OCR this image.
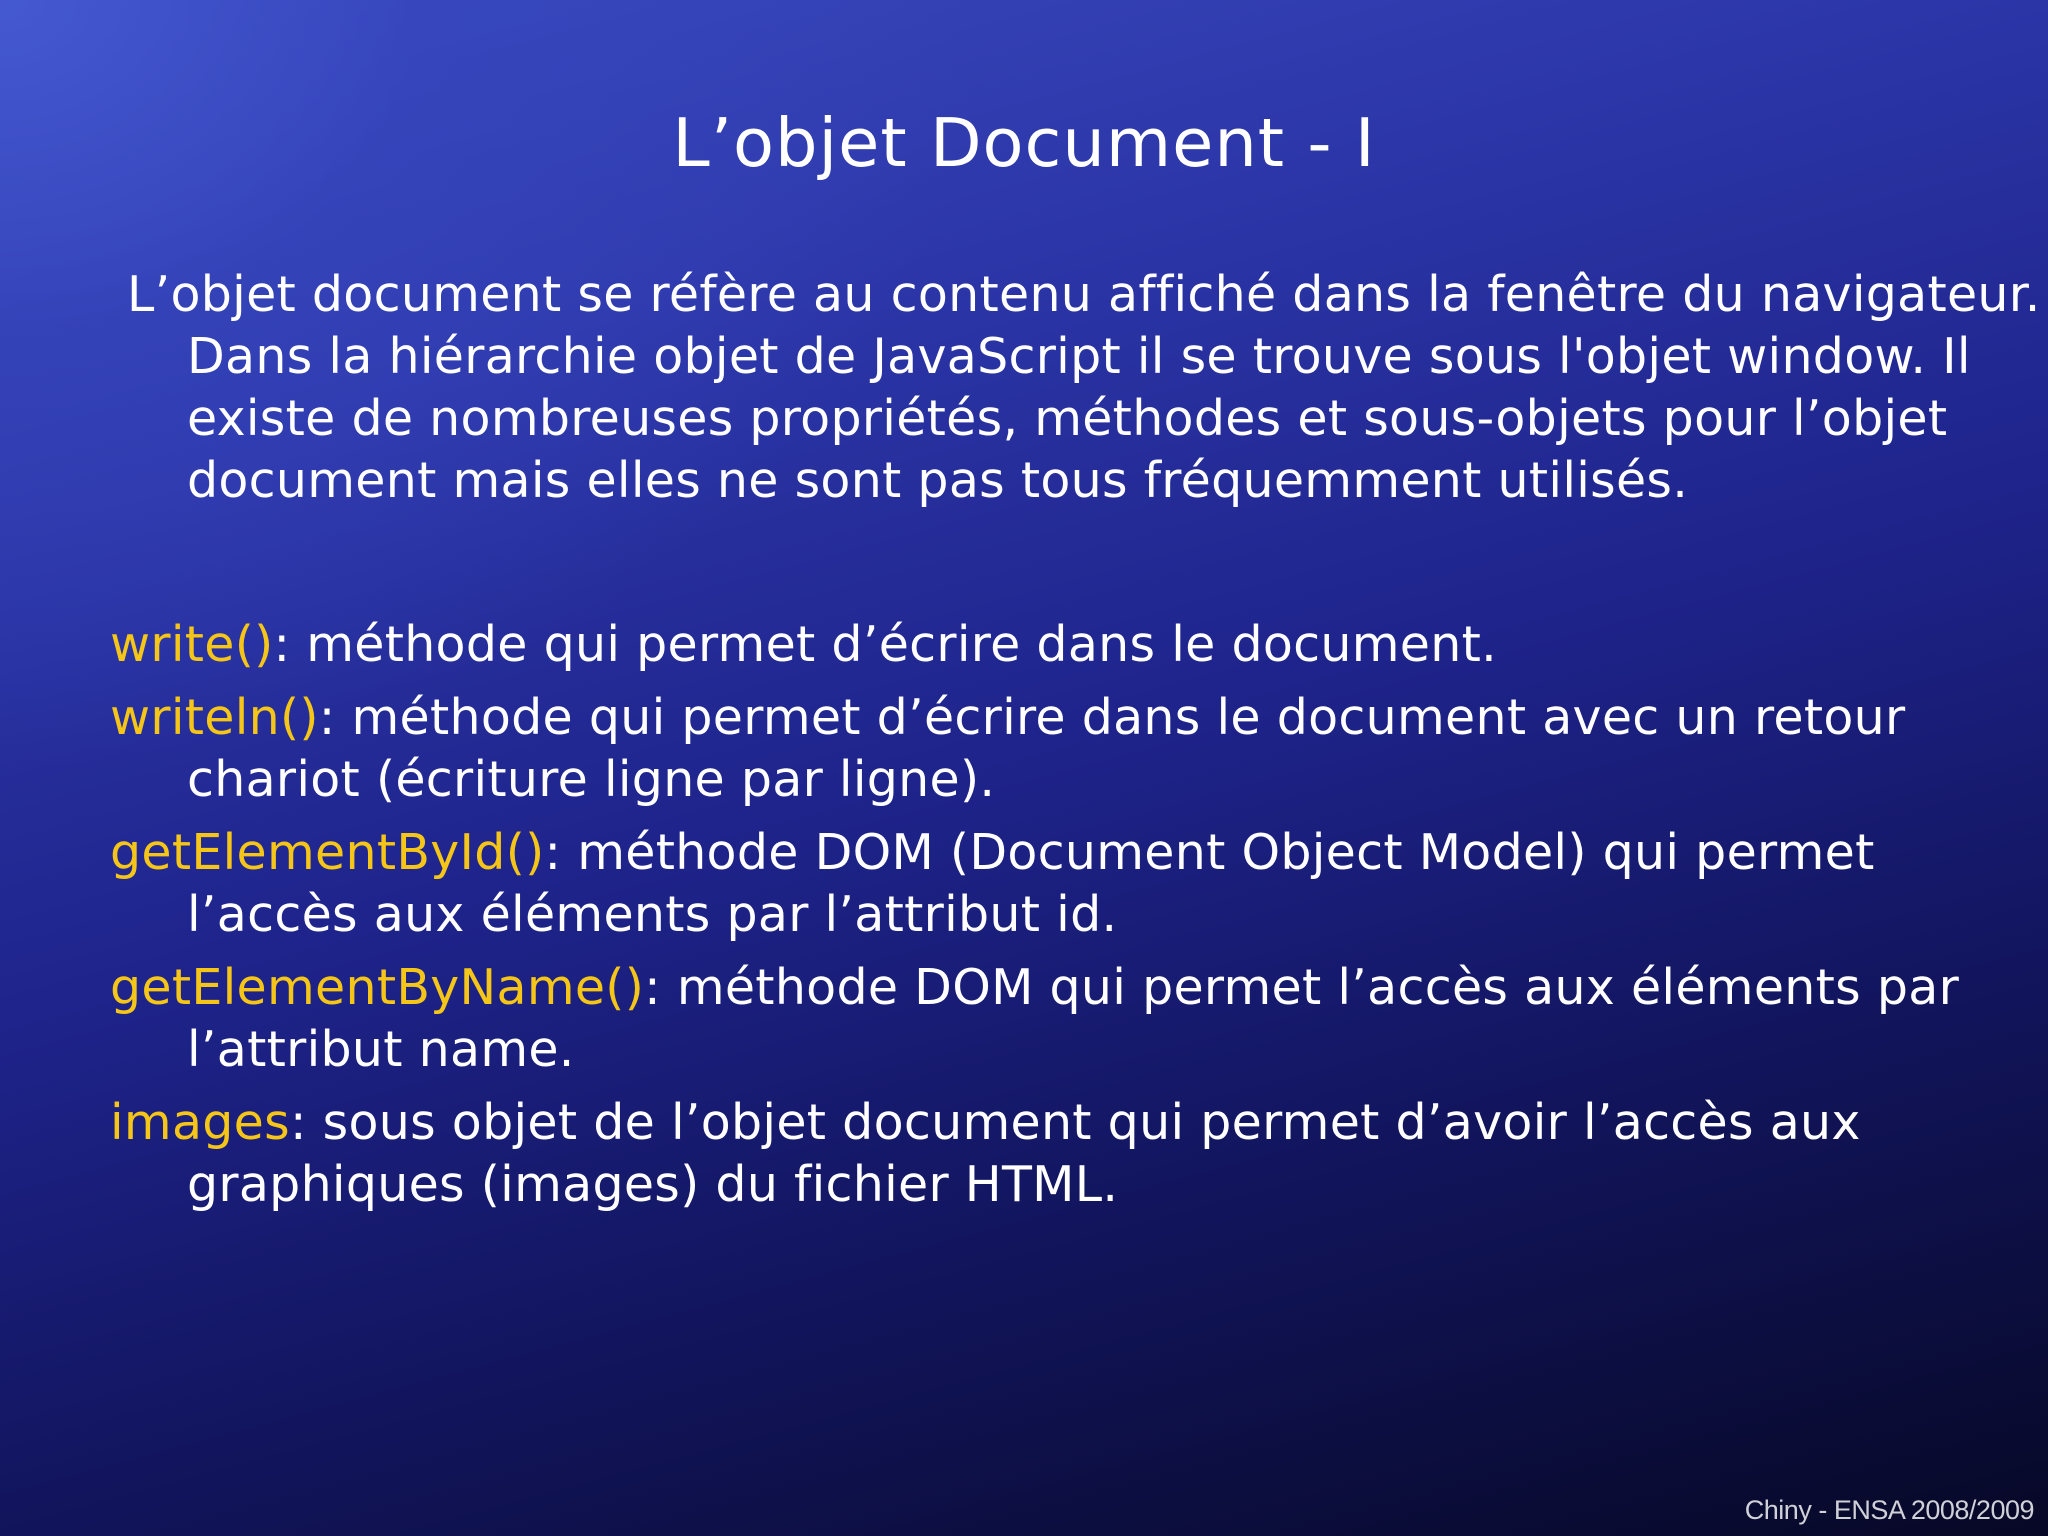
L’objet Document - I
L’objet document se réfère au contenu affiché dans la fenêtre du navigateur. Dans la hiérarchie objet de JavaScript il se trouve sous l'objet window. Il existe de nombreuses propriétés, méthodes et sous-objets pour l’objet document mais elles ne sont pas tous fréquemment utilisés.
write(): méthode qui permet d’écrire dans le document.
writeln(): méthode qui permet d’écrire dans le document avec un retour chariot (écriture ligne par ligne).
getElementById(): méthode DOM (Document Object Model) qui permet l’accès aux éléments par l’attribut id.
getElementByName(): méthode DOM qui permet l’accès aux éléments par l’attribut name.
images: sous objet de l’objet document qui permet d’avoir l’accès aux graphiques (images) du fichier HTML.
Chiny - ENSA 2008/2009
